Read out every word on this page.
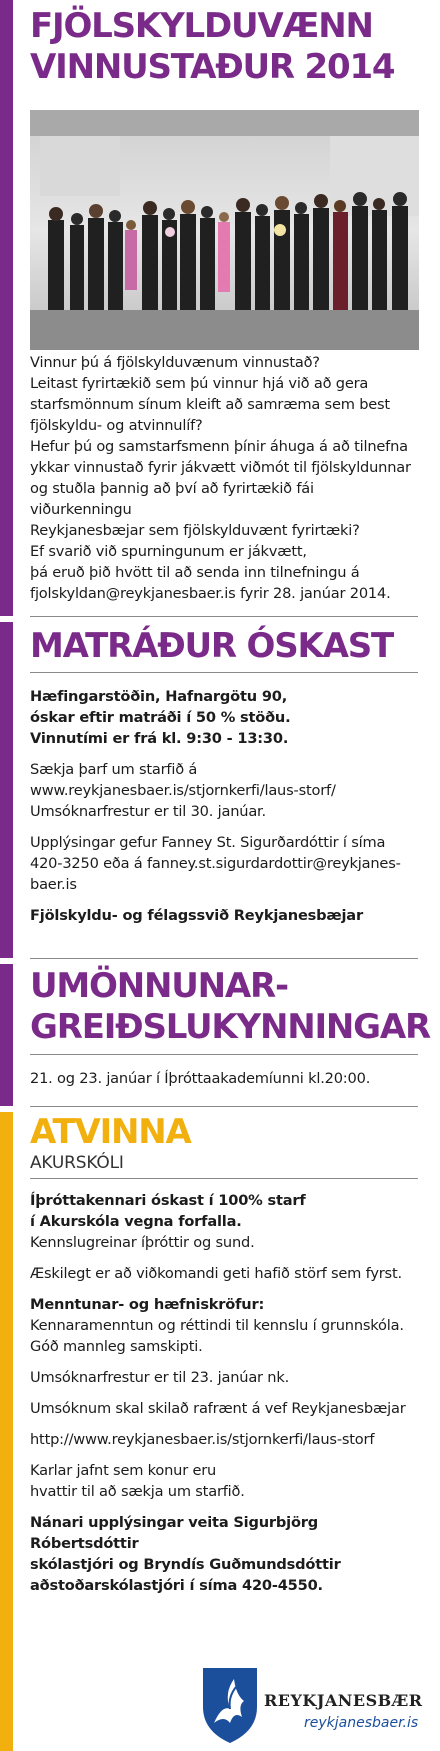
FJÖLSKYLDUVÆNN
VINNUSTAÐUR 2014

Vinnur þú á fjölskylduvænum vinnustað?

Leitast fyrirtækið sem þú vinnur hjá við að gera

starfsmönnum sínum kleift að samræma sem best

fjölskyldu- og atvinnulíf?

Hefur þú og samstarfsmenn þínir áhuga á að tilnefna

ykkar vinnustað fyrir jákvætt viðmót til fjölskyldunnar

og stuðla þannig að því að fyrirtækið fái viðurkenningu

Reykjanesbæjar sem fjölskylduvænt fyrirtæki?

Ef svarið við spurningunum er jákvætt,

þá eruð þið hvött til að senda inn tilnefningu á

fjolskyldan@reykjanesbaer.is fyrir 28. janúar 2014.

MATRÁÐUR ÓSKAST

Hæfingarstöðin, Hafnargötu 90,

óskar eftir matráði í 50 % stöðu.

Vinnutími er frá kl. 9:30 - 13:30.

Sækja þarf um starfið á

www.reykjanesbaer.is/stjornkerfi/laus-storf/

Umsóknarfrestur er til 30. janúar.

Upplýsingar gefur Fanney St. Sigurðardóttir í síma

420-3250 eða á fanney.st.sigurdardottir@reykjanes-

baer.is

Fjölskyldu- og félagssvið Reykjanesbæjar

UMÖNNUNAR-
GREIÐSLUKYNNINGAR

21. og 23. janúar í Íþróttaakademíunni kl.20:00.

ATVINNA

AKURSKÓLI

Íþróttakennari óskast í 100% starf

í Akurskóla vegna forfalla.

Kennslugreinar íþróttir og sund.

Æskilegt er að viðkomandi geti hafið störf sem fyrst.

Menntunar- og hæfniskröfur:

Kennaramenntun og réttindi til kennslu í grunnskóla.

Góð mannleg samskipti.

Umsóknarfrestur er til 23. janúar nk.

Umsóknum skal skilað rafrænt á vef Reykjanesbæjar

http://www.reykjanesbaer.is/stjornkerfi/laus-storf

Karlar jafnt sem konur eru

hvattir til að sækja um starfið.

Nánari upplýsingar veita Sigurbjörg Róbertsdóttir

skólastjóri og Bryndís Guðmundsdóttir

aðstoðarskólastjóri í síma 420-4550.

REYKJANESBÆR
reykjanesbaer.is
